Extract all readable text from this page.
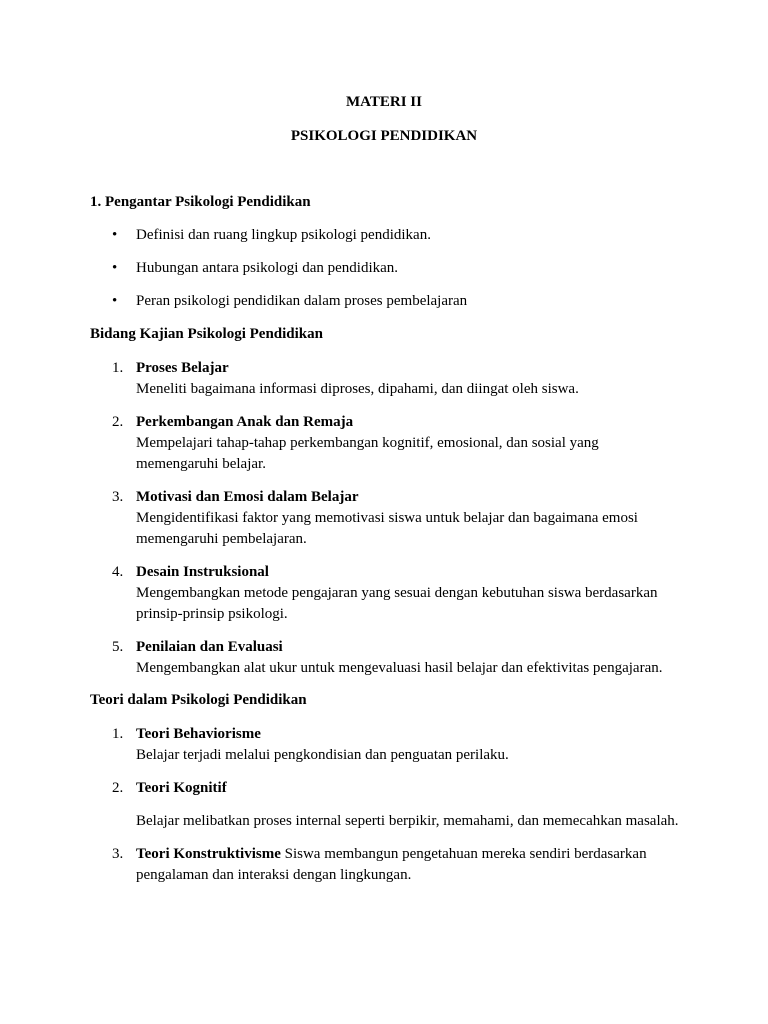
MATERI II
PSIKOLOGI PENDIDIKAN
1. Pengantar Psikologi Pendidikan
• Definisi dan ruang lingkup psikologi pendidikan.
• Hubungan antara psikologi dan pendidikan.
• Peran psikologi pendidikan dalam proses pembelajaran
Bidang Kajian Psikologi Pendidikan
1. Proses Belajar
Meneliti bagaimana informasi diproses, dipahami, dan diingat oleh siswa.
2. Perkembangan Anak dan Remaja
Mempelajari tahap-tahap perkembangan kognitif, emosional, dan sosial yang memengaruhi belajar.
3. Motivasi dan Emosi dalam Belajar
Mengidentifikasi faktor yang memotivasi siswa untuk belajar dan bagaimana emosi memengaruhi pembelajaran.
4. Desain Instruksional
Mengembangkan metode pengajaran yang sesuai dengan kebutuhan siswa berdasarkan prinsip-prinsip psikologi.
5. Penilaian dan Evaluasi
Mengembangkan alat ukur untuk mengevaluasi hasil belajar dan efektivitas pengajaran.
Teori dalam Psikologi Pendidikan
1. Teori Behaviorisme
Belajar terjadi melalui pengkondisian dan penguatan perilaku.
2. Teori Kognitif
Belajar melibatkan proses internal seperti berpikir, memahami, dan memecahkan masalah.
3. Teori Konstruktivisme Siswa membangun pengetahuan mereka sendiri berdasarkan pengalaman dan interaksi dengan lingkungan.
